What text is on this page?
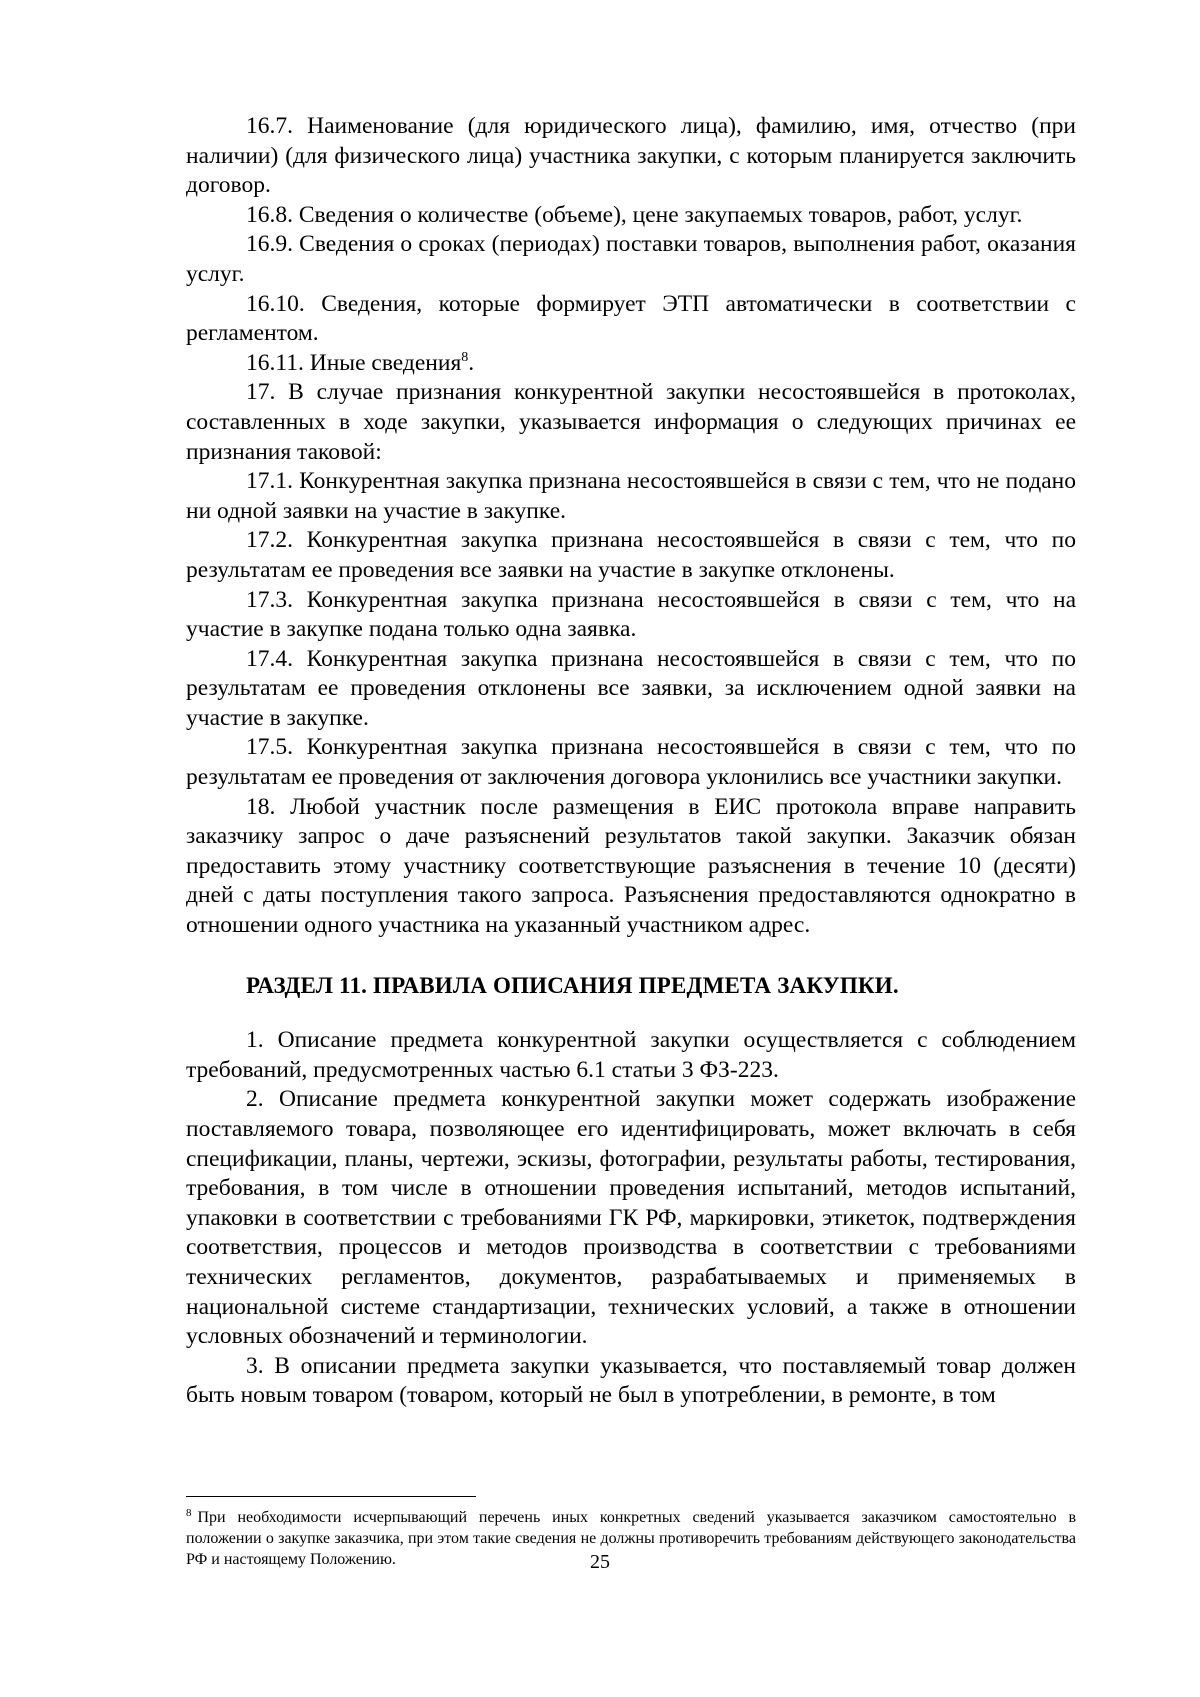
16.7. Наименование (для юридического лица), фамилию, имя, отчество (при наличии) (для физического лица) участника закупки, с которым планируется заключить договор.

16.8. Сведения о количестве (объеме), цене закупаемых товаров, работ, услуг.

16.9. Сведения о сроках (периодах) поставки товаров, выполнения работ, оказания услуг.

16.10. Сведения, которые формирует ЭТП автоматически в соответствии с регламентом.

16.11. Иные сведения$^8$.

17. В случае признания конкурентной закупки несостоявшейся в протоколах, составленных в ходе закупки, указывается информация о следующих причинах ее признания таковой:

17.1. Конкурентная закупка признана несостоявшейся в связи с тем, что не подано ни одной заявки на участие в закупке.

17.2. Конкурентная закупка признана несостоявшейся в связи с тем, что по результатам ее проведения все заявки на участие в закупке отклонены.

17.3. Конкурентная закупка признана несостоявшейся в связи с тем, что на участие в закупке подана только одна заявка.

17.4. Конкурентная закупка признана несостоявшейся в связи с тем, что по результатам ее проведения отклонены все заявки, за исключением одной заявки на участие в закупке.

17.5. Конкурентная закупка признана несостоявшейся в связи с тем, что по результатам ее проведения от заключения договора уклонились все участники закупки.

18. Любой участник после размещения в ЕИС протокола вправе направить заказчику запрос о даче разъяснений результатов такой закупки. Заказчик обязан предоставить этому участнику соответствующие разъяснения в течение 10 (десяти) дней с даты поступления такого запроса. Разъяснения предоставляются однократно в отношении одного участника на указанный участником адрес.

РАЗДЕЛ 11. ПРАВИЛА ОПИСАНИЯ ПРЕДМЕТА ЗАКУПКИ.

1. Описание предмета конкурентной закупки осуществляется с соблюдением требований, предусмотренных частью 6.1 статьи 3 ФЗ-223.

2. Описание предмета конкурентной закупки может содержать изображение поставляемого товара, позволяющее его идентифицировать, может включать в себя спецификации, планы, чертежи, эскизы, фотографии, результаты работы, тестирования, требования, в том числе в отношении проведения испытаний, методов испытаний, упаковки в соответствии с требованиями ГК РФ, маркировки, этикеток, подтверждения соответствия, процессов и методов производства в соответствии с требованиями технических регламентов, документов, разрабатываемых и применяемых в национальной системе стандартизации, технических условий, а также в отношении условных обозначений и терминологии.

3. В описании предмета закупки указывается, что поставляемый товар должен быть новым товаром (товаром, который не был в употреблении, в ремонте, в том

$^8$ При необходимости исчерпывающий перечень иных конкретных сведений указывается заказчиком самостоятельно в положении о закупке заказчика, при этом такие сведения не должны противоречить требованиям действующего законодательства РФ и настоящему Положению.	25
